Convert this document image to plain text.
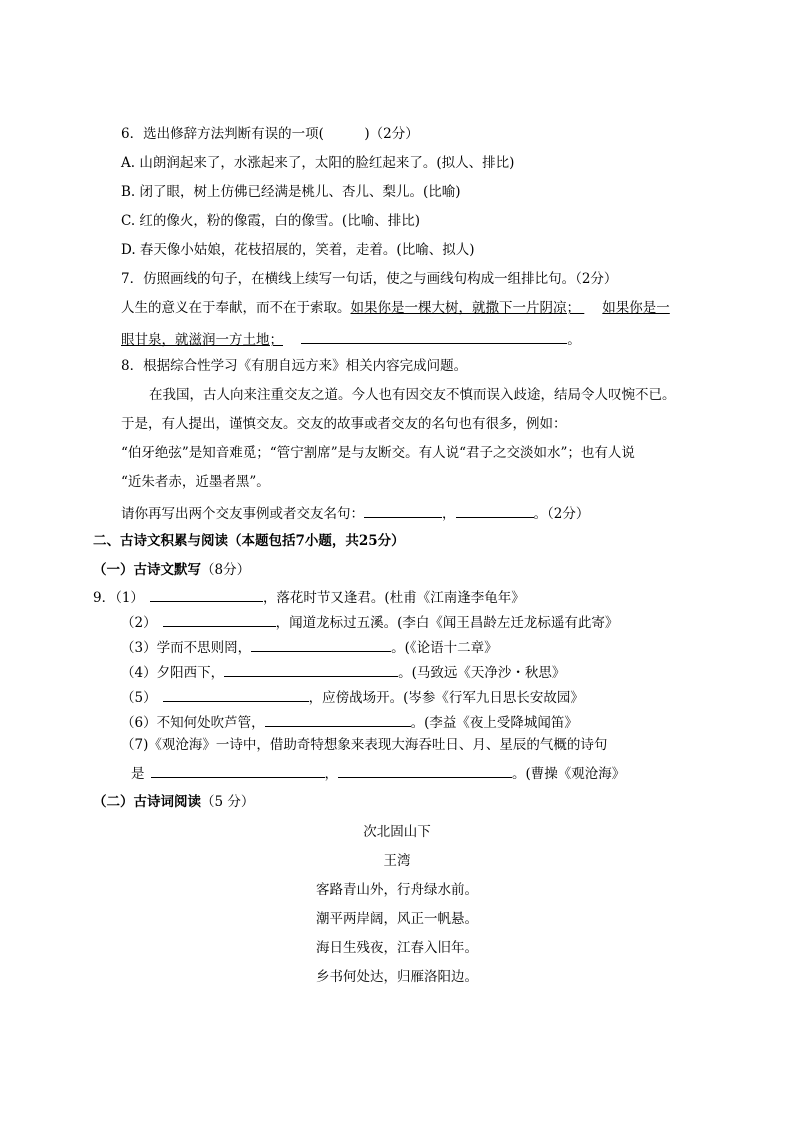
6．选出修辞方法判断有误的一项(　　　)（2分）
A. 山朗润起来了，水涨起来了，太阳的脸红起来了。(拟人、排比)
B. 闭了眼，树上仿佛已经满是桃儿、杏儿、梨儿。(比喻)
C. 红的像火，粉的像霞，白的像雪。(比喻、排比)
D. 春天像小姑娘，花枝招展的，笑着，走着。(比喻、拟人)
7．仿照画线的句子，在横线上续写一句话，使之与画线句构成一组排比句。（2分）
人生的意义在于奉献，而不在于索取。如果你是一棵大树，就撒下一片阴凉； 如果你是一
眼甘泉，就滋润一方土地；	。
8．根据综合性学习《有朋自远方来》相关内容完成问题。
在我国，古人向来注重交友之道。今人也有因交友不慎而误入歧途，结局令人叹惋不已。
于是，有人提出，谨慎交友。交友的故事或者交友的名句也有很多，例如：
“伯牙绝弦”是知音难觅；“管宁割席”是与友断交。有人说“君子之交淡如水”；也有人说
“近朱者赤，近墨者黑”。
请你再写出两个交友事例或者交友名句：	，	。（2分）
二、古诗文积累与阅读（本题包括7小题，共25分）
（一）古诗文默写（8分）
9．（1）	，落花时节又逢君。(杜甫《江南逢李龟年》
（2）	，闻道龙标过五溪。(李白《闻王昌龄左迁龙标遥有此寄》
（3）学而不思则罔，	。(《论语十二章》
（4）夕阳西下，	。(马致远《天净沙・秋思》
（5）	，应傍战场开。(岑参《行军九日思长安故园》
（6）不知何处吹芦管，	。(李益《夜上受降城闻笛》
（7)《观沧海》一诗中，借助奇特想象来表现大海吞吐日、月、星辰的气概的诗句
是	，	。(曹操《观沧海》
（二）古诗词阅读（5 分）
次北固山下
王湾
客路青山外，行舟绿水前。
潮平两岸阔，风正一帆悬。
海日生残夜，江春入旧年。
乡书何处达，归雁洛阳边。
